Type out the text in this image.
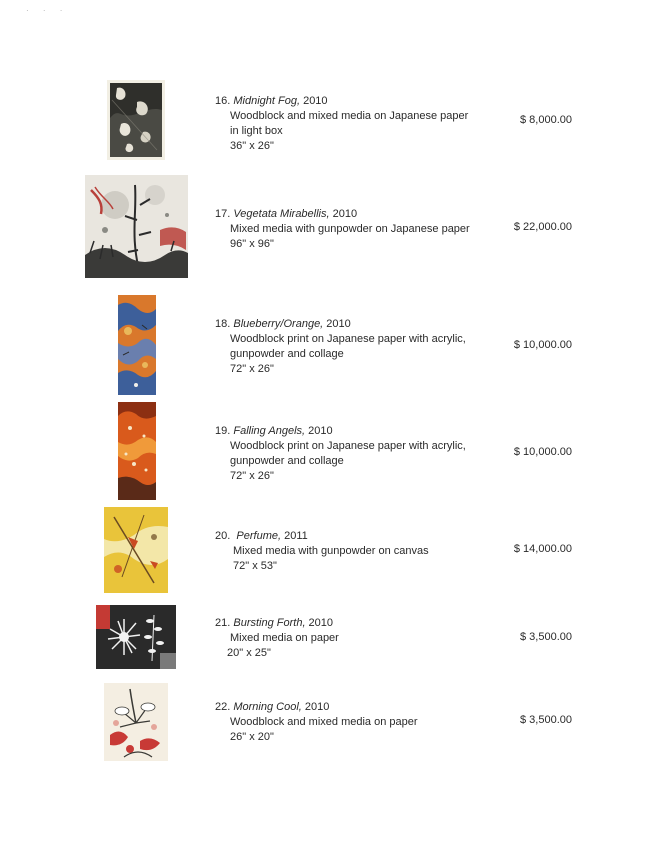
· · ·
16. Midnight Fog, 2010
Woodblock and mixed media on Japanese paper
in light box
36" x 26"
$ 8,000.00
17. Vegetata Mirabellis, 2010
Mixed media with gunpowder on Japanese paper
96" x 96"
$ 22,000.00
18. Blueberry/Orange, 2010
Woodblock print on Japanese paper with acrylic,
gunpowder and collage
72" x 26"
$ 10,000.00
19. Falling Angels, 2010
Woodblock print on Japanese paper with acrylic,
gunpowder and collage
72" x 26"
$ 10,000.00
20. Perfume, 2011
Mixed media with gunpowder on canvas
72" x 53"
$ 14,000.00
21. Bursting Forth, 2010
Mixed media on paper
20" x 25"
$ 3,500.00
22. Morning Cool, 2010
Woodblock and mixed media on paper
26" x 20"
$ 3,500.00
